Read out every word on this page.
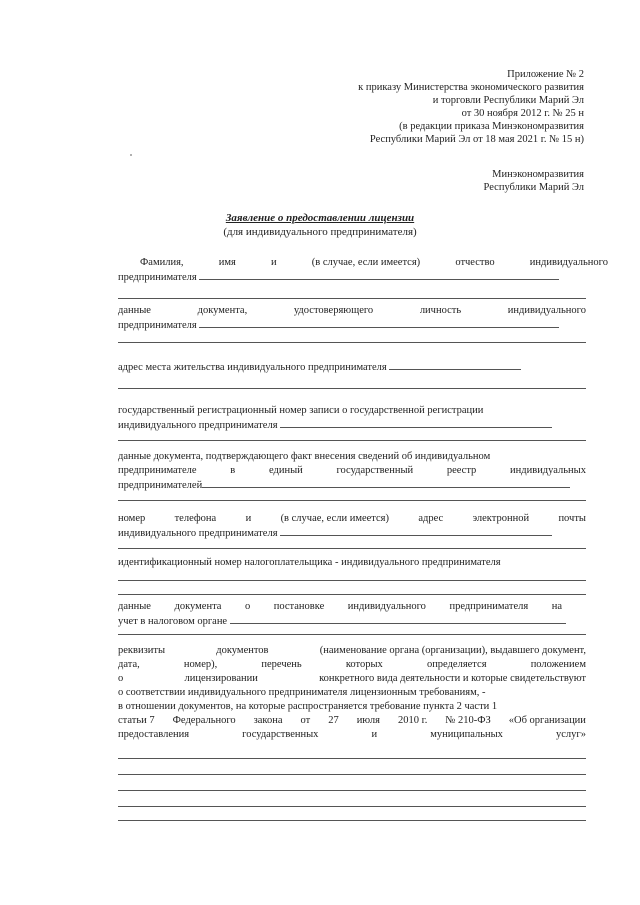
Приложение № 2
к приказу Министерства экономического развития
и торговли Республики Марий Эл
от 30 ноября 2012 г. № 25 н
(в редакции приказа Минэкономразвития
Республики Марий Эл от 18 мая 2021 г. № 15 н)
Минэкономразвития
Республики Марий Эл
Заявление о предоставлении лицензии
(для индивидуального предпринимателя)
Фамилия,	имя	и	(в случае, если имеется)	отчество	индивидуального
предпринимателя
данные	документа,	удостоверяющего	личность	индивидуального
предпринимателя
адрес места жительства индивидуального предпринимателя
государственный регистрационный номер записи о государственной регистрации
индивидуального предпринимателя
данные документа, подтверждающего факт внесения сведений об индивидуальном
предпринимателе	в	единый	государственный	реестр	индивидуальных
предпринимателей
номер	телефона	и	(в случае, если имеется)	адрес	электронной	почты
индивидуального предпринимателя
идентификационный номер налогоплательщика - индивидуального предпринимателя
данные документа о постановке индивидуального предпринимателя на
учет в налоговом органе
реквизиты	документов	(наименование органа (организации), выдавшего документ,
дата,	номер),	перечень	которых	определяется	положением
о	лицензировании	конкретного вида деятельности и которые свидетельствуют
о соответствии индивидуального предпринимателя лицензионным требованиям, -
в отношении документов, на которые распространяется требование пункта 2 части 1
статьи 7 Федерального закона от 27 июля 2010 г. № 210-ФЗ «Об организации
предоставления	государственных	и	муниципальных	услуг»
